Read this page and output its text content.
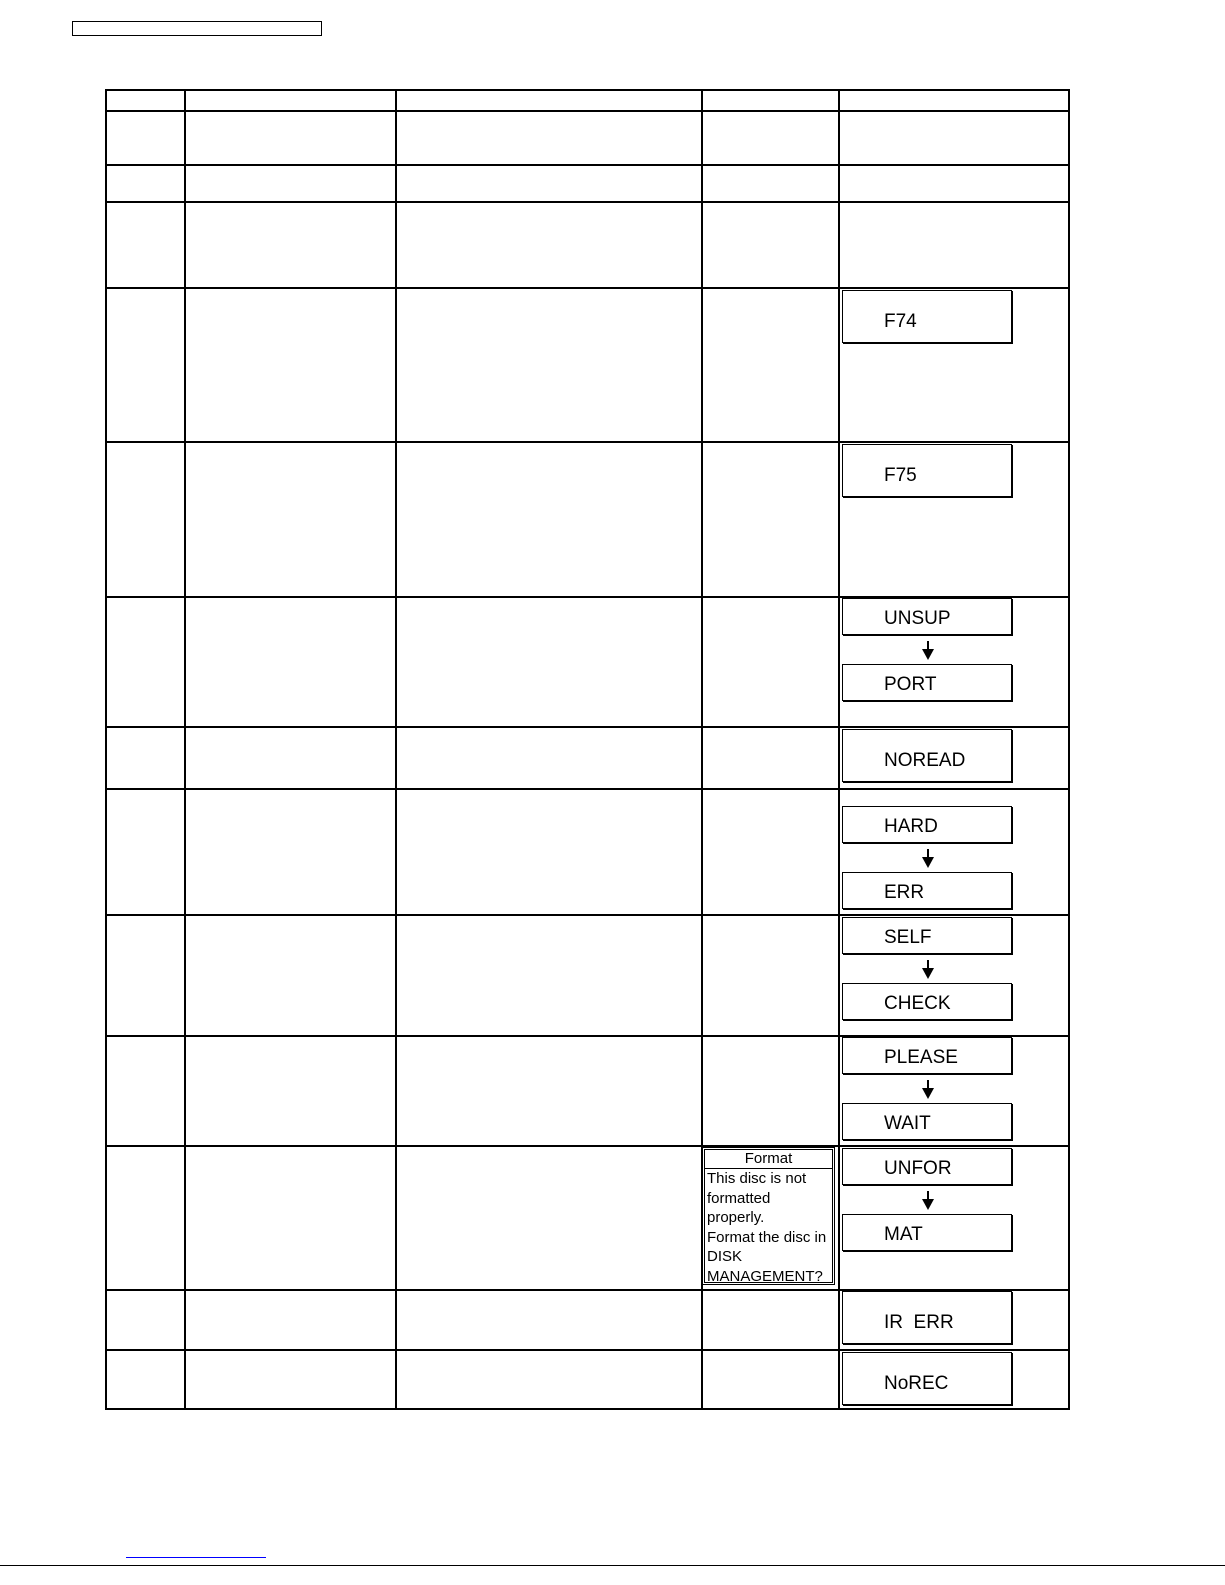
F74
F75
UNSUP
PORT
NOREAD
HARD
ERR
SELF
CHECK
PLEASE
WAIT
Format
This disc is not
formatted
properly.
Format the disc in
DISK
MANAGEMENT?
UNFOR
MAT
IR  ERR
NoREC
